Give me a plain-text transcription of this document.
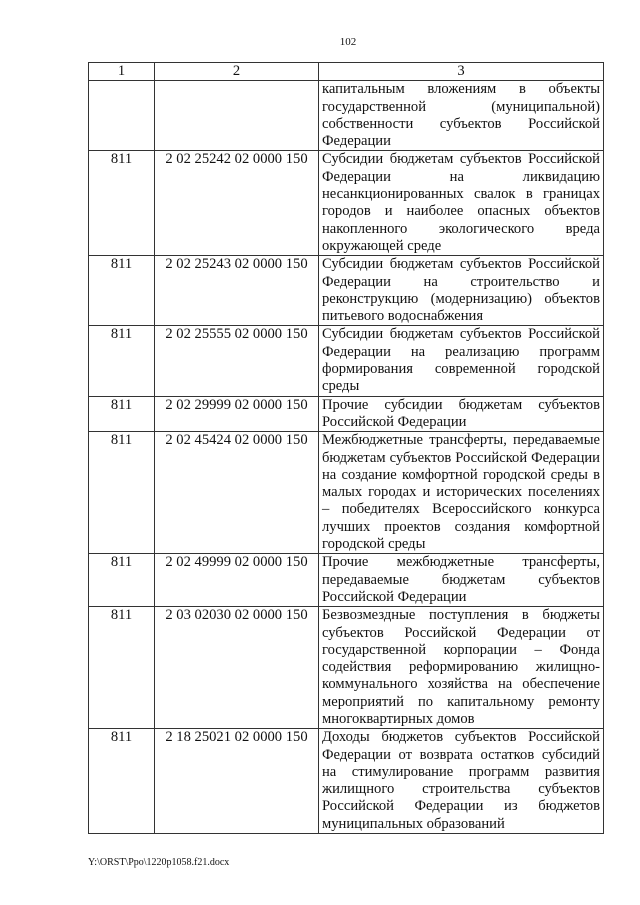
102
1	2	3
		капитальным вложениям в объекты государственной (муниципальной) собственности субъектов Российской Федерации
811	2 02 25242 02 0000 150	Субсидии бюджетам субъектов Российской Федерации на ликвидацию несанкционированных свалок в границах городов и наиболее опасных объектов накопленного экологического вреда окружающей среде
811	2 02 25243 02 0000 150	Субсидии бюджетам субъектов Российской Федерации на строительство и реконструкцию (модернизацию) объектов питьевого водоснабжения
811	2 02 25555 02 0000 150	Субсидии бюджетам субъектов Российской Федерации на реализацию программ формирования современной городской среды
811	2 02 29999 02 0000 150	Прочие субсидии бюджетам субъектов Российской Федерации
811	2 02 45424 02 0000 150	Межбюджетные трансферты, передаваемые бюджетам субъектов Российской Федерации на создание комфортной городской среды в малых городах и исторических поселениях – победителях Всероссийского конкурса лучших проектов создания комфортной городской среды
811	2 02 49999 02 0000 150	Прочие межбюджетные трансферты, передаваемые бюджетам субъектов Российской Федерации
811	2 03 02030 02 0000 150	Безвозмездные поступления в бюджеты субъектов Российской Федерации от государственной корпорации – Фонда содействия реформированию жилищно-коммунального хозяйства на обеспечение мероприятий по капитальному ремонту многоквартирных домов
811	2 18 25021 02 0000 150	Доходы бюджетов субъектов Российской Федерации от возврата остатков субсидий на стимулирование программ развития жилищного строительства субъектов Российской Федерации из бюджетов муниципальных образований
Y:\ORST\Ppo\1220p1058.f21.docx
